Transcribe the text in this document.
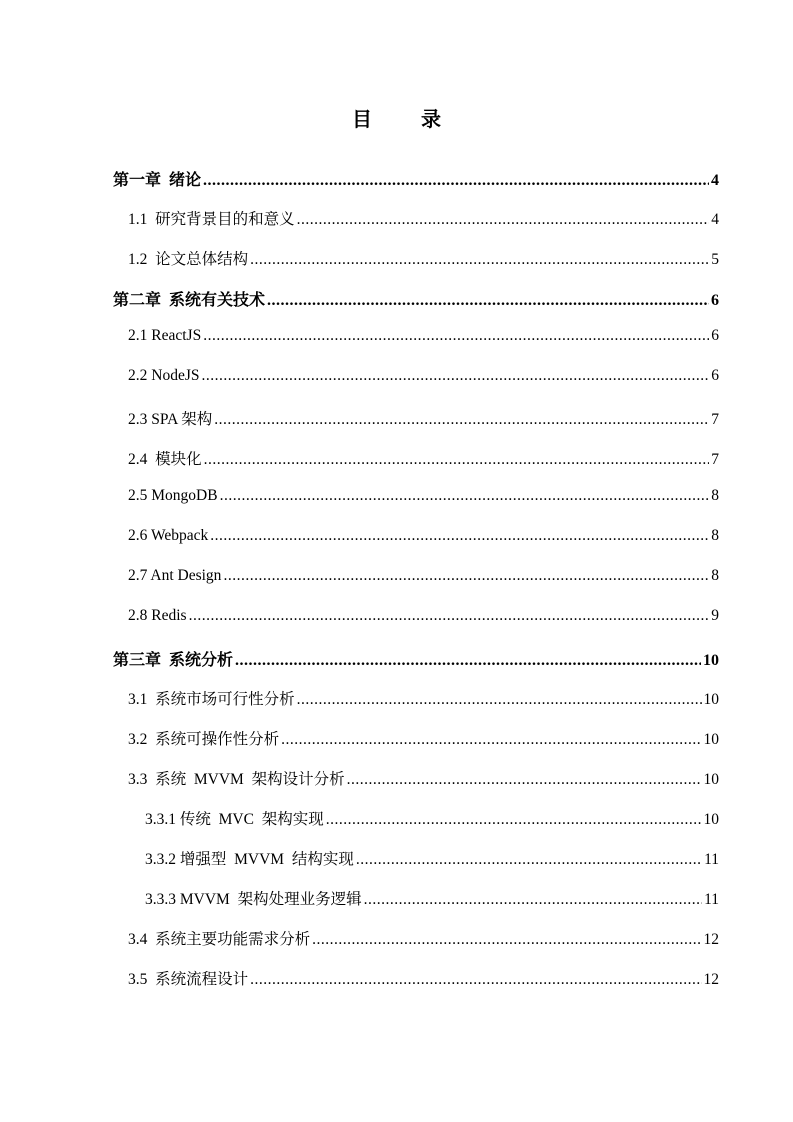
目 录
第一章  绪论 .....	4
1.1  研究背景目的和意义 .....	4
1.2  论文总体结构 .....	5
第二章  系统有关技术 .....	6
2.1 ReactJS .....	6
2.2 NodeJS .....	6
2.3 SPA 架构 .....	7
2.4  模块化 .....	7
2.5 MongoDB .....	8
2.6 Webpack .....	8
2.7 Ant Design .....	8
2.8 Redis .....	9
第三章  系统分析 .....	10
3.1  系统市场可行性分析 .....	10
3.2  系统可操作性分析 .....	10
3.3  系统  MVVM  架构设计分析 .....	10
3.3.1 传统  MVC  架构实现 .....	10
3.3.2 增强型  MVVM  结构实现 .....	11
3.3.3 MVVM  架构处理业务逻辑 .....	11
3.4  系统主要功能需求分析 .....	12
3.5  系统流程设计 .....	12
